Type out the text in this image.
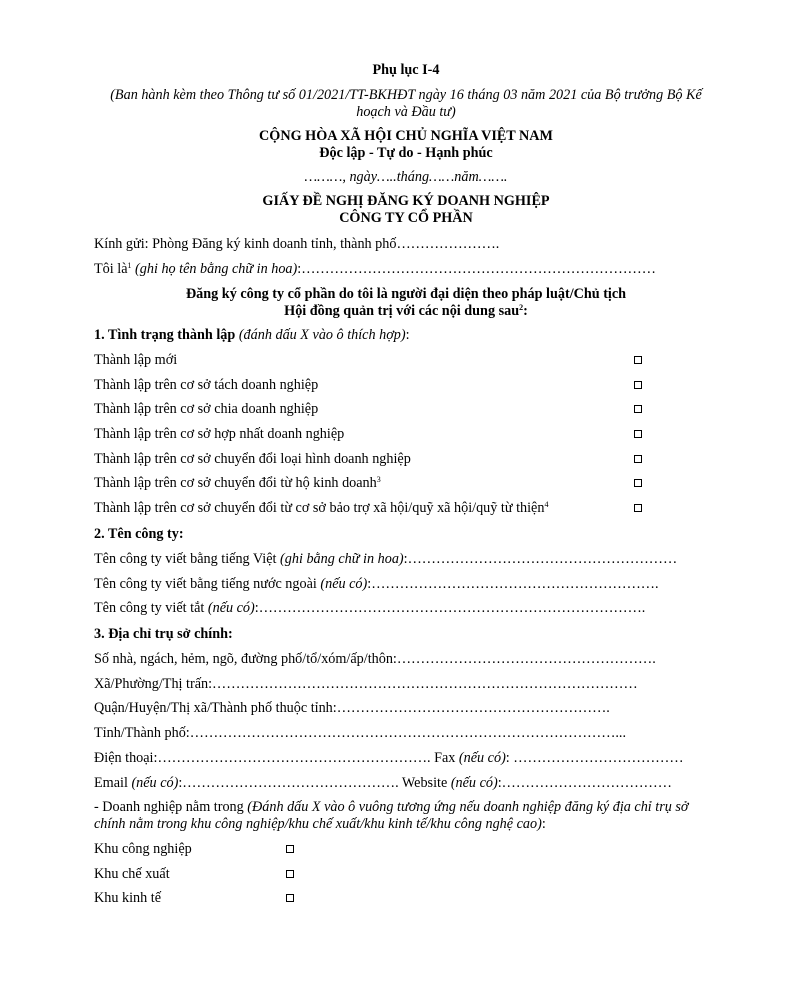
Phụ lục I-4
(Ban hành kèm theo Thông tư số 01/2021/TT-BKHĐT ngày 16 tháng 03 năm 2021 của Bộ trưởng Bộ Kế
hoạch và Đầu tư)
CỘNG HÒA XÃ HỘI CHỦ NGHĨA VIỆT NAM
Độc lập - Tự do - Hạnh phúc
………, ngày…..tháng……năm…….
GIẤY ĐỀ NGHỊ ĐĂNG KÝ DOANH NGHIỆP
CÔNG TY CỔ PHẦN
Kính gửi: Phòng Đăng ký kinh doanh tỉnh, thành phố………………….
Tôi $là^1$ (ghi họ tên bằng chữ in hoa):…………………………………………………………………
Đăng ký công ty cổ phần do tôi là người đại diện theo pháp luật/Chủ tịch
Hội đồng quản trị với các nội dung sau$^2$:
1. Tình trạng thành lập (đánh dấu X vào ô thích hợp):
Thành lập mới
Thành lập trên cơ sở tách doanh nghiệp
Thành lập trên cơ sở chia doanh nghiệp
Thành lập trên cơ sở hợp nhất doanh nghiệp
Thành lập trên cơ sở chuyển đổi loại hình doanh nghiệp
Thành lập trên cơ sở chuyển đổi từ hộ kinh doanh$^3$
Thành lập trên cơ sở chuyển đổi từ cơ sở bảo trợ xã hội/quỹ xã hội/quỹ từ thiện$^4$
2. Tên công ty:
Tên công ty viết bằng tiếng Việt (ghi bằng chữ in hoa):…………………………………………………
Tên công ty viết bằng tiếng nước ngoài (nếu có):…………………………………………………….
Tên công ty viết tắt (nếu có):……………………………………………………………………….
3. Địa chỉ trụ sở chính:
Số nhà, ngách, hẻm, ngõ, đường phố/tổ/xóm/ấp/thôn:……………………………………………….
Xã/Phường/Thị trấn:………………………………………………………………………………
Quận/Huyện/Thị xã/Thành phố thuộc tỉnh:………………………………………………….
Tỉnh/Thành phố:………………………………………………………………………………...
Điện thoại:…………………………………………………. Fax (nếu có): ………………………………
Email (nếu có):………………………………………. Website (nếu có):………………………………
- Doanh nghiệp nằm trong (Đánh dấu X vào ô vuông tương ứng nếu doanh nghiệp đăng ký địa chỉ trụ sở
chính nằm trong khu công nghiệp/khu chế xuất/khu kinh tế/khu công nghệ cao):
Khu công nghiệp
Khu chế xuất
Khu kinh tế
